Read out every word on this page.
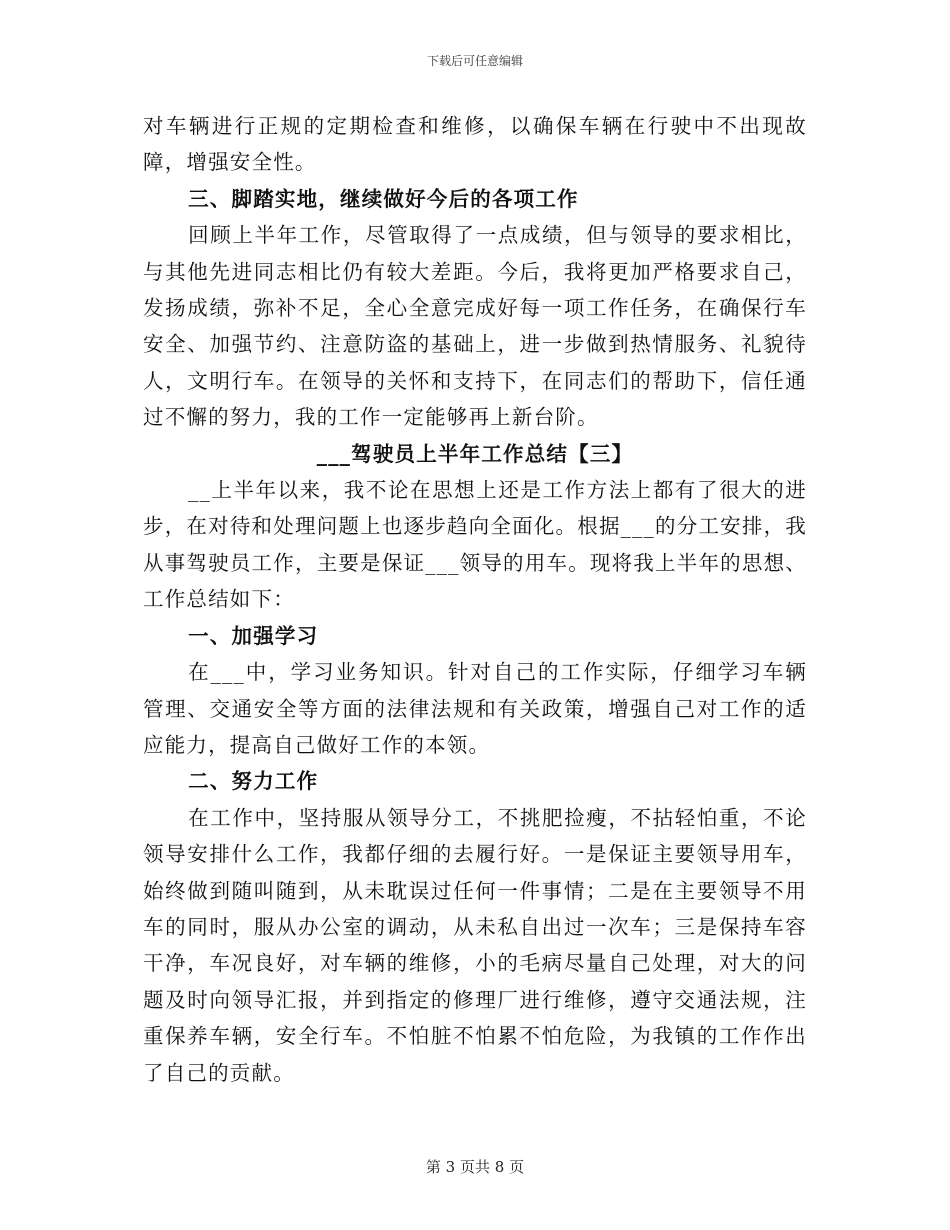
下载后可任意编辑

对车辆进行正规的定期检查和维修，以确保车辆在行驶中不出现故障，增强安全性。

三、脚踏实地，继续做好今后的各项工作

回顾上半年工作，尽管取得了一点成绩，但与领导的要求相比，与其他先进同志相比仍有较大差距。今后，我将更加严格要求自己，发扬成绩，弥补不足，全心全意完成好每一项工作任务，在确保行车安全、加强节约、注意防盗的基础上，进一步做到热情服务、礼貌待人，文明行车。在领导的关怀和支持下，在同志们的帮助下，信任通过不懈的努力，我的工作一定能够再上新台阶。

___驾驶员上半年工作总结【三】

__上半年以来，我不论在思想上还是工作方法上都有了很大的进步，在对待和处理问题上也逐步趋向全面化。根据___的分工安排，我从事驾驶员工作，主要是保证___领导的用车。现将我上半年的思想、工作总结如下：

一、加强学习

在___中，学习业务知识。针对自己的工作实际，仔细学习车辆管理、交通安全等方面的法律法规和有关政策，增强自己对工作的适应能力，提高自己做好工作的本领。

二、努力工作

在工作中，坚持服从领导分工，不挑肥捡瘦，不拈轻怕重，不论领导安排什么工作，我都仔细的去履行好。一是保证主要领导用车，始终做到随叫随到，从未耽误过任何一件事情；二是在主要领导不用车的同时，服从办公室的调动，从未私自出过一次车；三是保持车容干净，车况良好，对车辆的维修，小的毛病尽量自己处理，对大的问题及时向领导汇报，并到指定的修理厂进行维修，遵守交通法规，注重保养车辆，安全行车。不怕脏不怕累不怕危险，为我镇的工作作出了自己的贡献。

第 3 页共 8 页
